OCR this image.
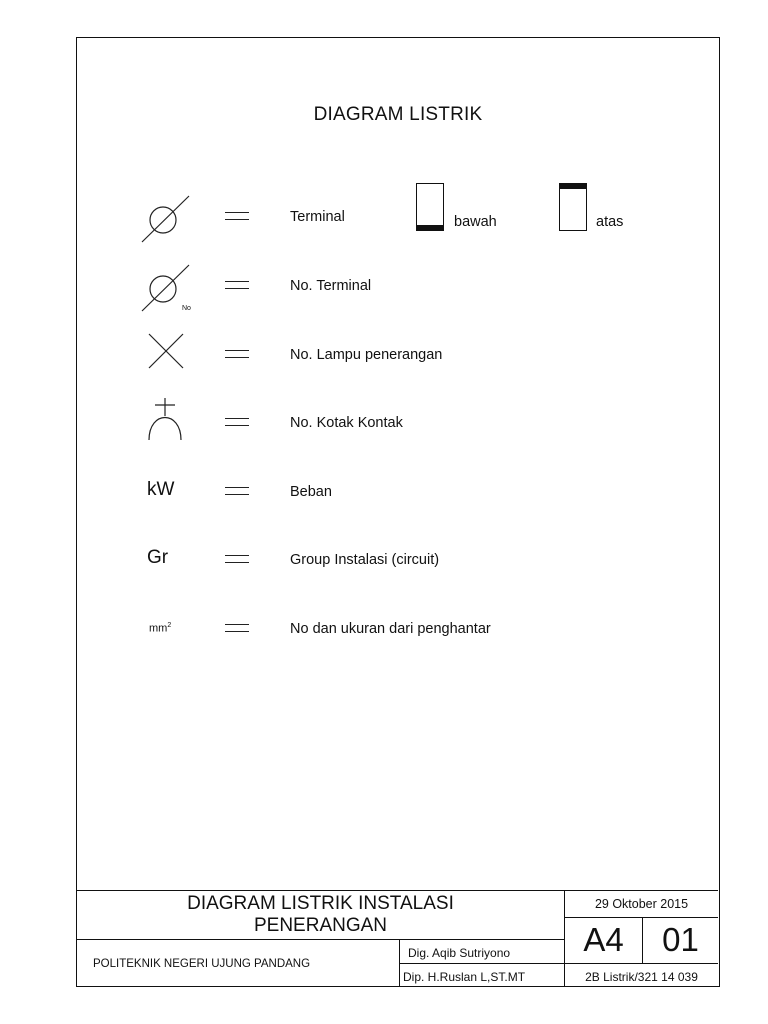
DIAGRAM LISTRIK
Terminal	bawah	atas
No
No. Terminal
No. Lampu penerangan
No. Kotak Kontak
kW	Beban
Gr	Group Instalasi (circuit)
$mm^2$	No dan ukuran dari penghantar
DIAGRAM LISTRIK INSTALASI
PENERANGAN
POLITEKNIK NEGERI UJUNG PANDANG
Dig. Aqib Sutriyono
Dip. H.Ruslan L,ST.MT
29 Oktober 2015
A4	01
2B Listrik/321 14 039
